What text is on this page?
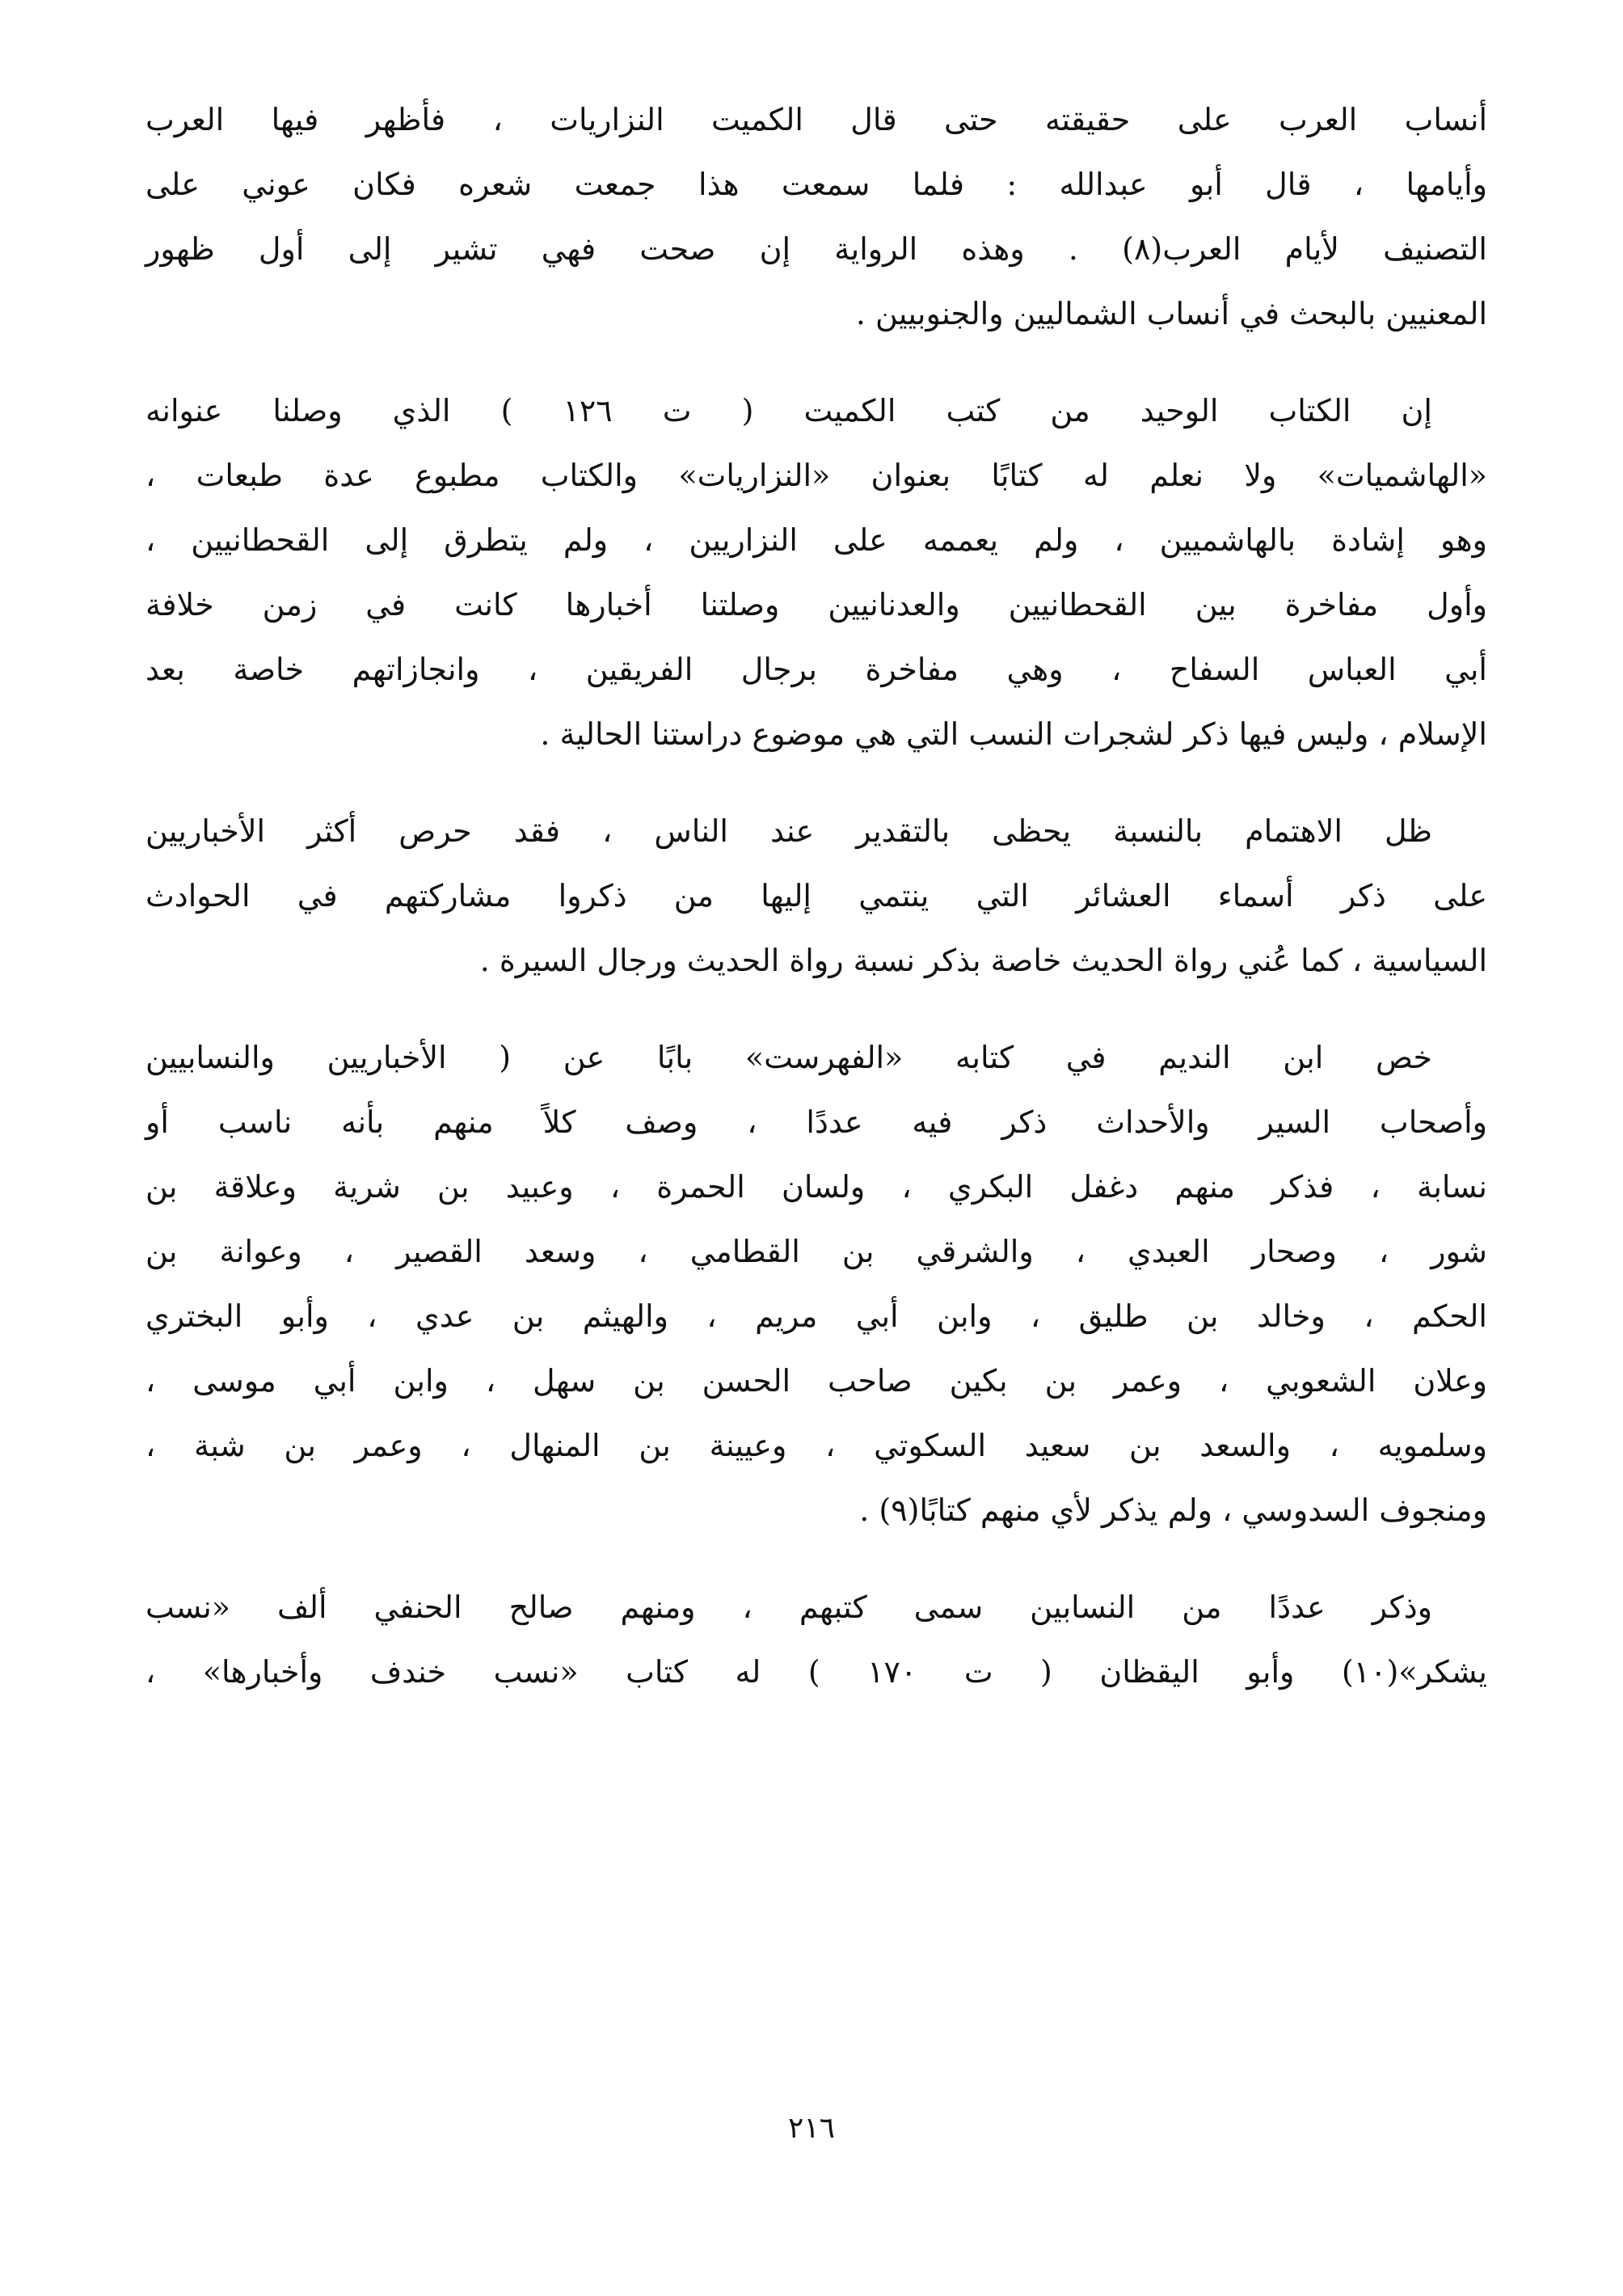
أنساب العرب على حقيقته حتى قال الكميت النزاريات ، فأظهر فيها العرب
وأيامها ، قال أبو عبدالله : فلما سمعت هذا جمعت شعره فكان عوني على
التصنيف لأيام العرب(٨) . وهذه الرواية إن صحت فهي تشير إلى أول ظهور
المعنيين بالبحث في أنساب الشماليين والجنوبيين .
إن الكتاب الوحيد من كتب الكميت ( ت ١٢٦ ) الذي وصلنا عنوانه
«الهاشميات» ولا نعلم له كتابًا بعنوان «النزاريات» والكتاب مطبوع عدة طبعات ،
وهو إشادة بالهاشميين ، ولم يعممه على النزاريين ، ولم يتطرق إلى القحطانيين ،
وأول مفاخرة بين القحطانيين والعدنانيين وصلتنا أخبارها كانت في زمن خلافة
أبي العباس السفاح ، وهي مفاخرة برجال الفريقين ، وانجازاتهم خاصة بعد
الإسلام ، وليس فيها ذكر لشجرات النسب التي هي موضوع دراستنا الحالية .
ظل الاهتمام بالنسبة يحظى بالتقدير عند الناس ، فقد حرص أكثر الأخباريين
على ذكر أسماء العشائر التي ينتمي إليها من ذكروا مشاركتهم في الحوادث
السياسية ، كما عُني رواة الحديث خاصة بذكر نسبة رواة الحديث ورجال السيرة .
خص ابن النديم في كتابه «الفهرست» بابًا عن ( الأخباريين والنسابيين
وأصحاب السير والأحداث ذكر فيه عددًا ، وصف كلاً منهم بأنه ناسب أو
نسابة ، فذكر منهم دغفل البكري ، ولسان الحمرة ، وعبيد بن شرية وعلاقة بن
شور ، وصحار العبدي ، والشرقي بن القطامي ، وسعد القصير ، وعوانة بن
الحكم ، وخالد بن طليق ، وابن أبي مريم ، والهيثم بن عدي ، وأبو البختري
وعلان الشعوبي ، وعمر بن بكين صاحب الحسن بن سهل ، وابن أبي موسى ،
وسلمويه ، والسعد بن سعيد السكوتي ، وعيينة بن المنهال ، وعمر بن شبة ،
ومنجوف السدوسي ، ولم يذكر لأي منهم كتابًا(٩) .
وذكر عددًا من النسابين سمى كتبهم ، ومنهم صالح الحنفي ألف «نسب
يشكر»(١٠) وأبو اليقظان ( ت ١٧٠ ) له كتاب «نسب خندف وأخبارها» ،
٢١٦
